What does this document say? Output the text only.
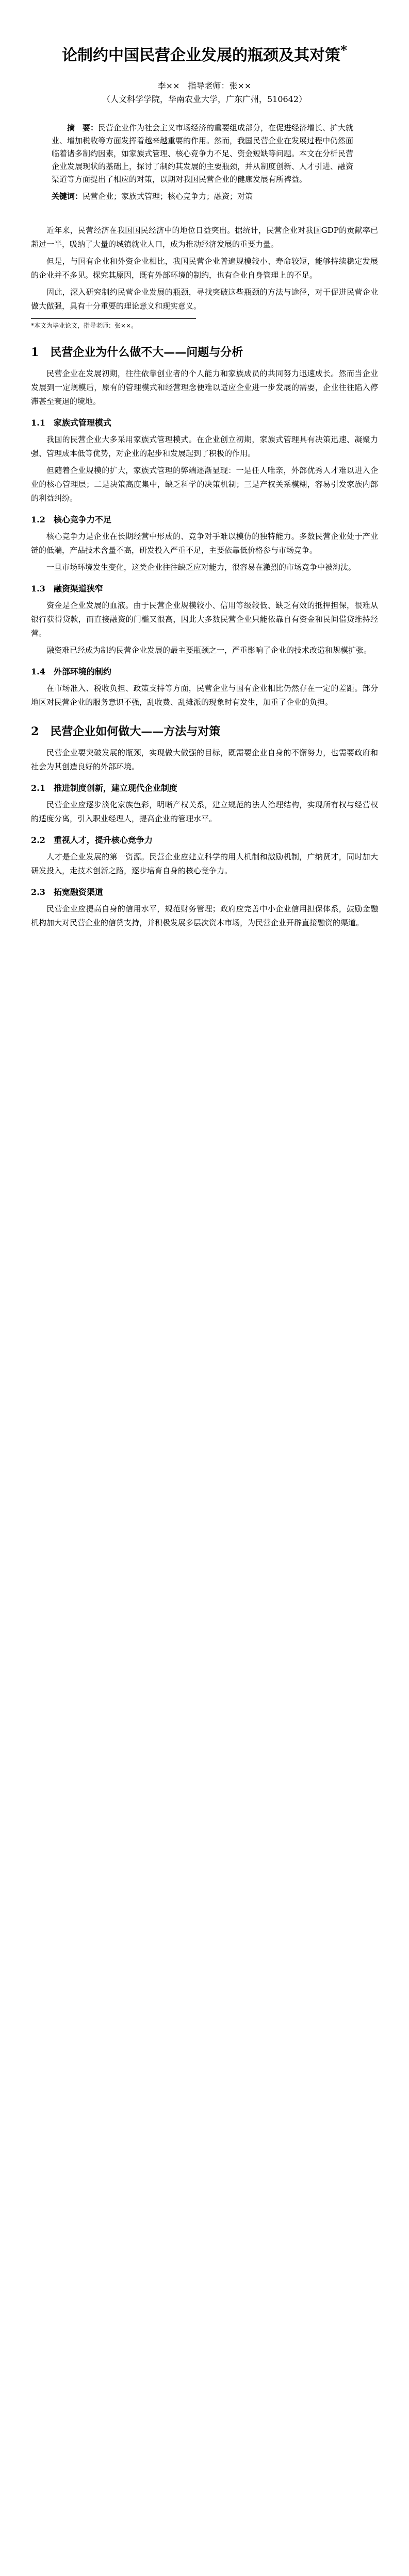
论制约中国民营企业发展的瓶颈及其对策*
李××　指导老师：张××
（人文科学学院，华南农业大学，广东广州，510642）
摘　要：民营企业作为社会主义市场经济的重要组成部分，在促进经济增长、扩大就业、增加税收等方面发挥着越来越重要的作用。然而，我国民营企业在发展过程中仍然面临着诸多制约因素，如家族式管理、核心竞争力不足、资金短缺等问题。本文在分析民营企业发展现状的基础上，探讨了制约其发展的主要瓶颈，并从制度创新、人才引进、融资渠道等方面提出了相应的对策，以期对我国民营企业的健康发展有所裨益。
关键词：民营企业；家族式管理；核心竞争力；融资；对策

近年来，民营经济在我国国民经济中的地位日益突出。据统计，民营企业对我国GDP的贡献率已超过一半，吸纳了大量的城镇就业人口，成为推动经济发展的重要力量。

但是，与国有企业和外资企业相比，我国民营企业普遍规模较小、寿命较短，能够持续稳定发展的企业并不多见。探究其原因，既有外部环境的制约，也有企业自身管理上的不足。

因此，深入研究制约民营企业发展的瓶颈，寻找突破这些瓶颈的方法与途径，对于促进民营企业做大做强，具有十分重要的理论意义和现实意义。

*本文为毕业论文，指导老师：张××。
1　民营企业为什么做不大——问题与分析

民营企业在发展初期，往往依靠创业者的个人能力和家族成员的共同努力迅速成长。然而当企业发展到一定规模后，原有的管理模式和经营理念便难以适应企业进一步发展的需要，企业往往陷入停滞甚至衰退的境地。

1.1　家族式管理模式

我国的民营企业大多采用家族式管理模式。在企业创立初期，家族式管理具有决策迅速、凝聚力强、管理成本低等优势，对企业的起步和发展起到了积极的作用。

但随着企业规模的扩大，家族式管理的弊端逐渐显现：一是任人唯亲，外部优秀人才难以进入企业的核心管理层；二是决策高度集中，缺乏科学的决策机制；三是产权关系模糊，容易引发家族内部的利益纠纷。

1.2　核心竞争力不足

核心竞争力是企业在长期经营中形成的、竞争对手难以模仿的独特能力。多数民营企业处于产业链的低端，产品技术含量不高，研发投入严重不足，主要依靠低价格参与市场竞争。

一旦市场环境发生变化，这类企业往往缺乏应对能力，很容易在激烈的市场竞争中被淘汰。

1.3　融资渠道狭窄

资金是企业发展的血液。由于民营企业规模较小、信用等级较低、缺乏有效的抵押担保，很难从银行获得贷款，而直接融资的门槛又很高，因此大多数民营企业只能依靠自有资金和民间借贷维持经营。

融资难已经成为制约民营企业发展的最主要瓶颈之一，严重影响了企业的技术改造和规模扩张。

1.4　外部环境的制约

在市场准入、税收负担、政策支持等方面，民营企业与国有企业相比仍然存在一定的差距。部分地区对民营企业的服务意识不强，乱收费、乱摊派的现象时有发生，加重了企业的负担。

2　民营企业如何做大——方法与对策

民营企业要突破发展的瓶颈，实现做大做强的目标，既需要企业自身的不懈努力，也需要政府和社会为其创造良好的外部环境。

2.1　推进制度创新，建立现代企业制度

民营企业应逐步淡化家族色彩，明晰产权关系，建立规范的法人治理结构，实现所有权与经营权的适度分离，引入职业经理人，提高企业的管理水平。

2.2　重视人才，提升核心竞争力

人才是企业发展的第一资源。民营企业应建立科学的用人机制和激励机制，广纳贤才，同时加大研发投入，走技术创新之路，逐步培育自身的核心竞争力。

2.3　拓宽融资渠道

民营企业应提高自身的信用水平，规范财务管理；政府应完善中小企业信用担保体系，鼓励金融机构加大对民营企业的信贷支持，并积极发展多层次资本市场，为民营企业开辟直接融资的渠道。
